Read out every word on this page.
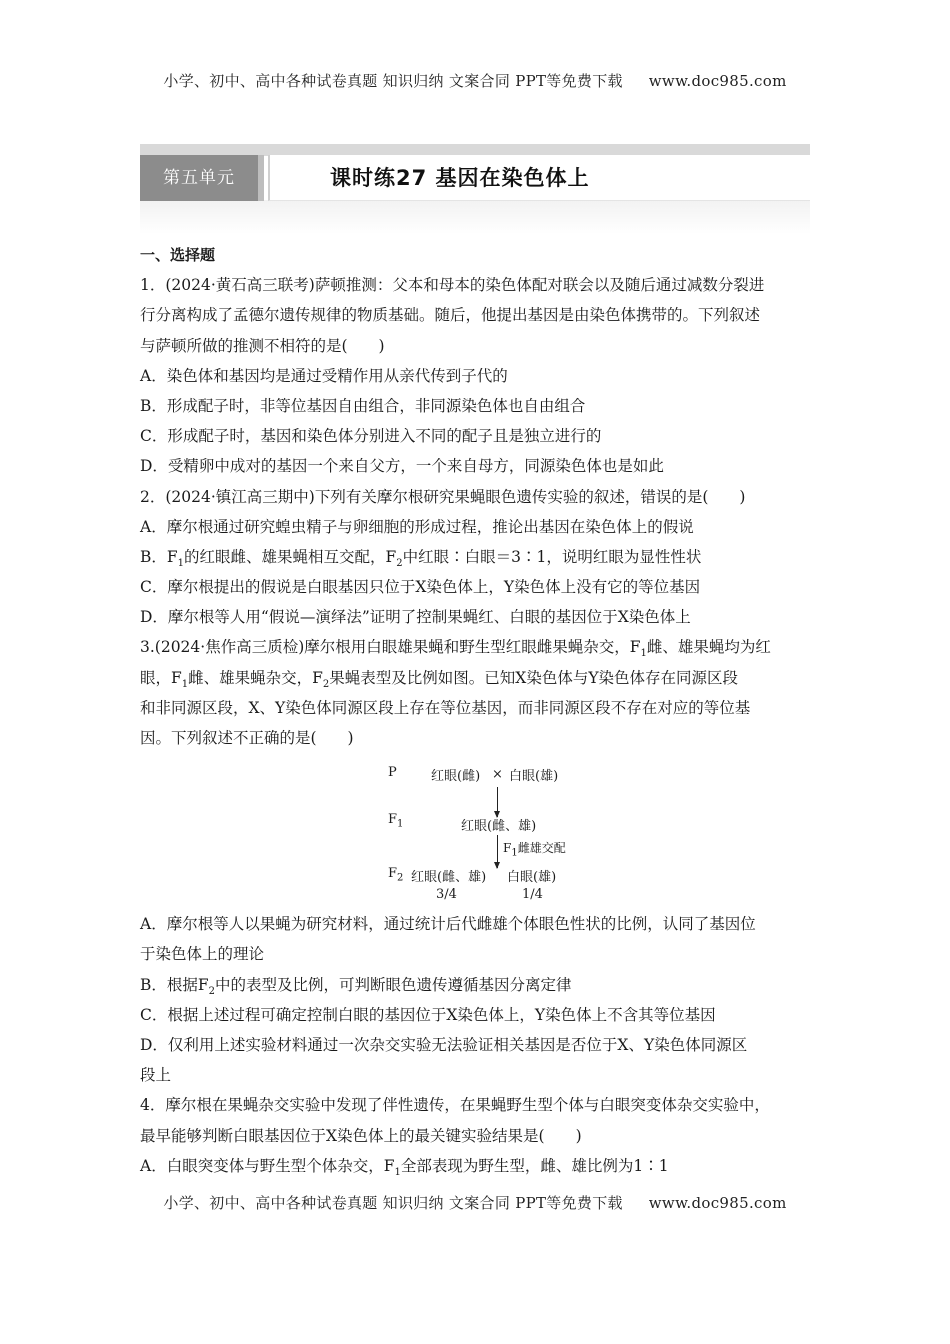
小学、初中、高中各种试卷真题 知识归纳 文案合同 PPT等免费下载 www.doc985.com
第五单元	课时练27 基因在染色体上
一、选择题
1．(2024·黄石高三联考)萨顿推测：父本和母本的染色体配对联会以及随后通过减数分裂进
行分离构成了孟德尔遗传规律的物质基础。随后，他提出基因是由染色体携带的。下列叙述
与萨顿所做的推测不相符的是(　　)
A．染色体和基因均是通过受精作用从亲代传到子代的
B．形成配子时，非等位基因自由组合，非同源染色体也自由组合
C．形成配子时，基因和染色体分别进入不同的配子且是独立进行的
D．受精卵中成对的基因一个来自父方，一个来自母方，同源染色体也是如此
2．(2024·镇江高三期中)下列有关摩尔根研究果蝇眼色遗传实验的叙述，错误的是(　　)
A．摩尔根通过研究蝗虫精子与卵细胞的形成过程，推论出基因在染色体上的假说
B．$F_1$的红眼雌、雄果蝇相互交配，$F_2$中红眼∶白眼＝3∶1，说明红眼为显性性状
C．摩尔根提出的假说是白眼基因只位于X染色体上，Y染色体上没有它的等位基因
D．摩尔根等人用“假说—演绎法”证明了控制果蝇红、白眼的基因位于X染色体上
3.(2024·焦作高三质检)摩尔根用白眼雄果蝇和野生型红眼雌果蝇杂交，$F_1$雌、雄果蝇均为红
眼，$F_1$雌、雄果蝇杂交，$F_2$果蝇表型及比例如图。已知X染色体与Y染色体存在同源区段
和非同源区段，X、Y染色体同源区段上存在等位基因，而非同源区段不存在对应的等位基
因。下列叙述不正确的是(　　)
P	红眼(雌) × 白眼(雄)
$F_1$	红眼(雌、雄)
$F_1$雌雄交配
$F_2$ 红眼(雌、雄) 白眼(雄)
3/4	1/4
A．摩尔根等人以果蝇为研究材料，通过统计后代雌雄个体眼色性状的比例，认同了基因位
于染色体上的理论
B．根据$F_2$中的表型及比例，可判断眼色遗传遵循基因分离定律
C．根据上述过程可确定控制白眼的基因位于X染色体上，Y染色体上不含其等位基因
D．仅利用上述实验材料通过一次杂交实验无法验证相关基因是否位于X、Y染色体同源区
段上
4．摩尔根在果蝇杂交实验中发现了伴性遗传，在果蝇野生型个体与白眼突变体杂交实验中，
最早能够判断白眼基因位于X染色体上的最关键实验结果是(　　)
A．白眼突变体与野生型个体杂交，$F_1$全部表现为野生型，雌、雄比例为1∶1
小学、初中、高中各种试卷真题 知识归纳 文案合同 PPT等免费下载 www.doc985.com
